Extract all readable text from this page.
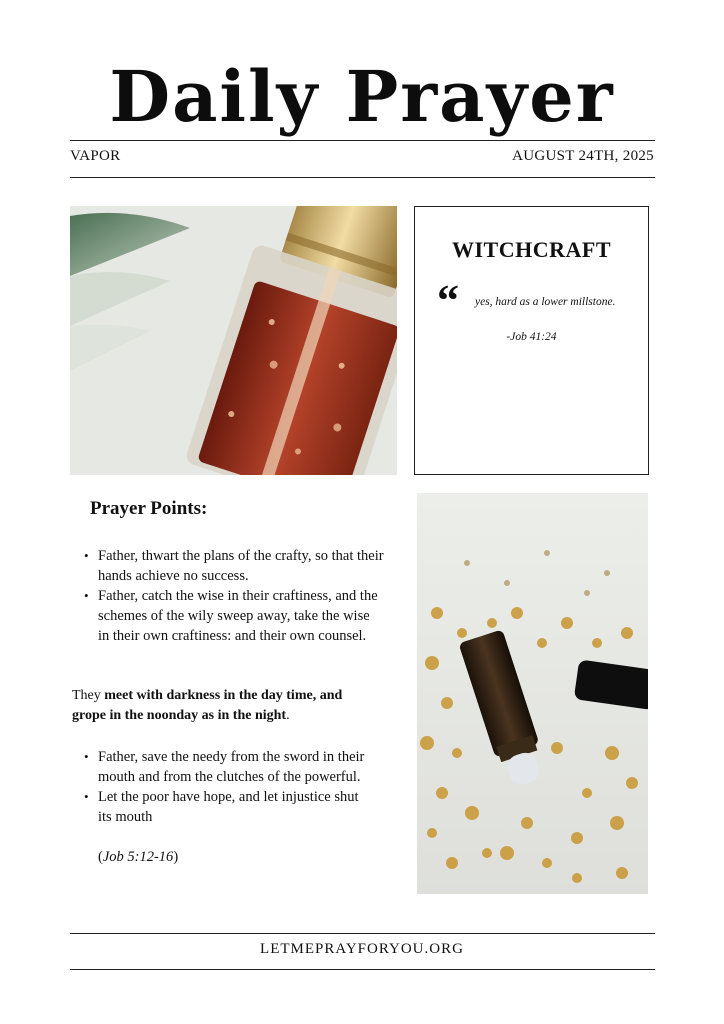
Daily Prayer
VAPOR	AUGUST 24TH, 2025
WITCHCRAFT
“ yes, hard as a lower millstone.
-Job 41:24
Prayer Points:
• Father, thwart the plans of the crafty, so that their hands achieve no success.
• Father, catch the wise in their craftiness, and the schemes of the wily sweep away, take the wise in their own craftiness: and their own counsel.
They meet with darkness in the day time, and grope in the noonday as in the night.
• Father, save the needy from the sword in their mouth and from the clutches of the powerful.
• Let the poor have hope, and let injustice shut its mouth
(Job 5:12-16)
LETMEPRAYFORYOU.ORG
